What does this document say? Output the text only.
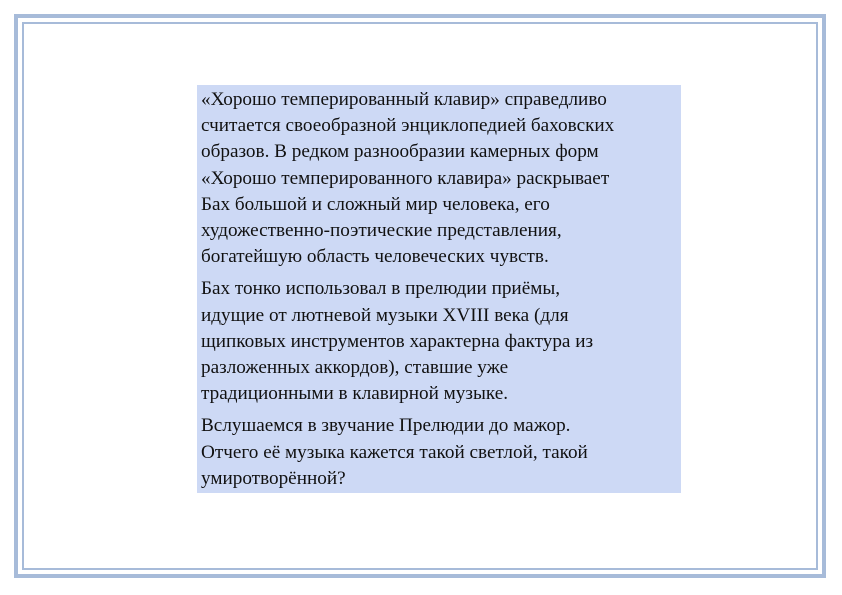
«Хорошо темперированный клавир» справедливо
считается своеобразной энциклопедией баховских
образов. В редком разнообразии камерных форм
«Хорошо темперированного клавира» раскрывает
Бах большой и сложный мир человека, его
художественно-поэтические представления,
богатейшую область человеческих чувств.

Бах тонко использовал в прелюдии приёмы,
идущие от лютневой музыки XVIII века (для
щипковых инструментов характерна фактура из
разложенных аккордов), ставшие уже
традиционными в клавирной музыке.

Вслушаемся в звучание Прелюдии до мажор.
Отчего её музыка кажется такой светлой, такой
умиротворённой?
